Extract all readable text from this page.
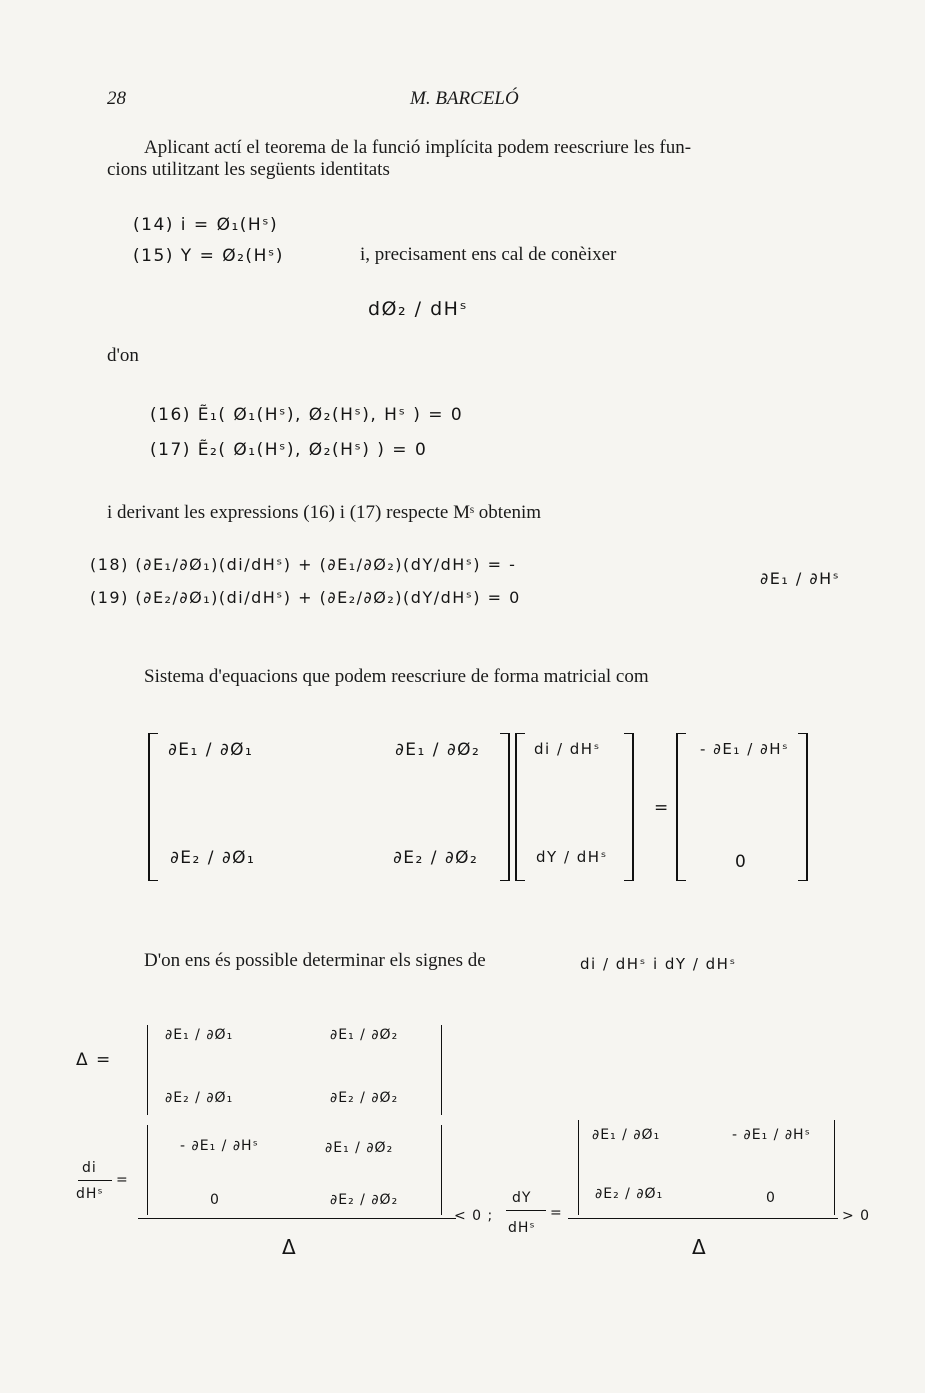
28	M. BARCELÓ
Aplicant actí el teorema de la funció implícita podem reescriure les fun-
cions utilitzant les següents identitats
(14) i = Ø₁(Hˢ)
(15) Y = Ø₂(Hˢ)	i, precisament ens cal de conèixer
dØ₂ / dHˢ
d'on
(16) Ẽ₁( Ø₁(Hˢ), Ø₂(Hˢ), Hˢ ) = 0
(17) Ẽ₂( Ø₁(Hˢ), Ø₂(Hˢ) ) = 0
i derivant les expressions (16) i (17) respecte Mˢ obtenim
(18) (∂E₁/∂Ø₁)(di/dHˢ) + (∂E₁/∂Ø₂)(dY/dHˢ) = -
∂E₁ / ∂Hˢ
(19) (∂E₂/∂Ø₁)(di/dHˢ) + (∂E₂/∂Ø₂)(dY/dHˢ) = 0
Sistema d'equacions que podem reescriure de forma matricial com
∂E₁ / ∂Ø₁	∂E₁ / ∂Ø₂
∂E₂ / ∂Ø₁	∂E₂ / ∂Ø₂
di / dHˢ
dY / dHˢ
=
- ∂E₁ / ∂Hˢ
0
D'on ens és possible determinar els signes de	di / dHˢ i dY / dHˢ
Δ =
∂E₁ / ∂Ø₁	∂E₁ / ∂Ø₂
∂E₂ / ∂Ø₁	∂E₂ / ∂Ø₂
di
dHˢ
=
- ∂E₁ / ∂Hˢ	∂E₁ / ∂Ø₂
0	∂E₂ / ∂Ø₂
< 0 ;
Δ
dY
dHˢ
=
∂E₁ / ∂Ø₁	- ∂E₁ / ∂Hˢ
∂E₂ / ∂Ø₁	0
> 0
Δ
